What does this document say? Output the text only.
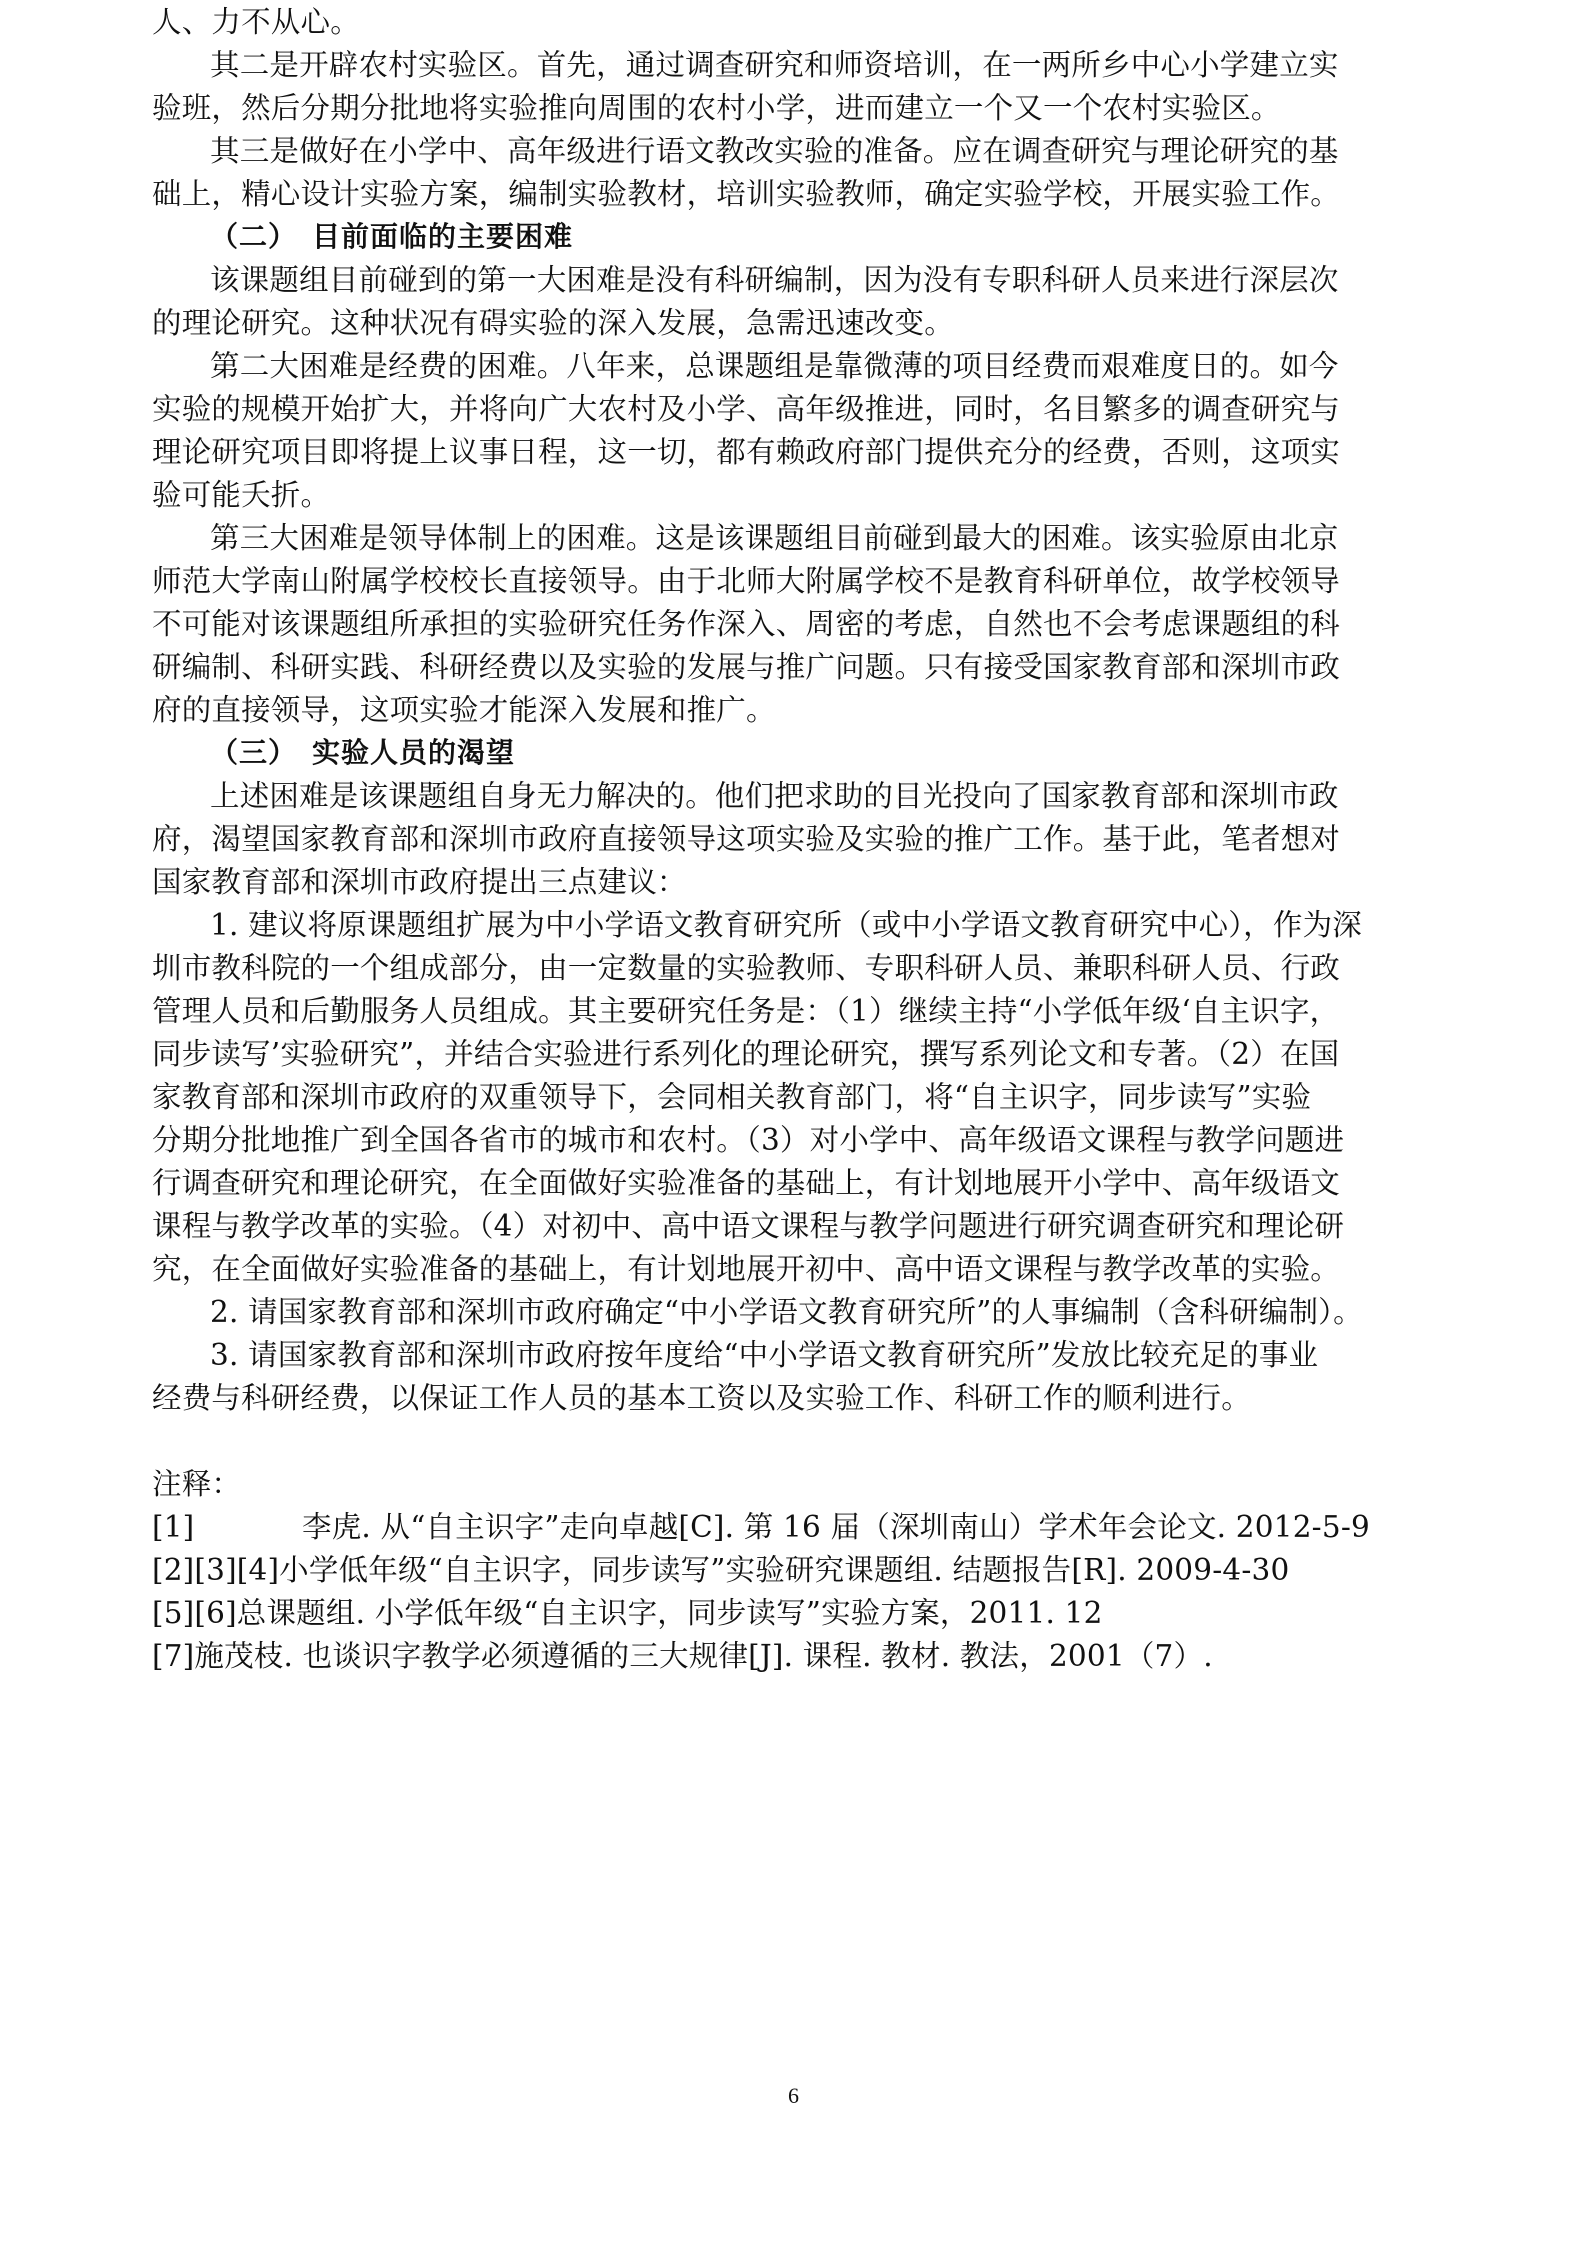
人、力不从心。
其二是开辟农村实验区。首先，通过调查研究和师资培训，在一两所乡中心小学建立实
验班，然后分期分批地将实验推向周围的农村小学，进而建立一个又一个农村实验区。
其三是做好在小学中、高年级进行语文教改实验的准备。应在调查研究与理论研究的基
础上，精心设计实验方案，编制实验教材，培训实验教师，确定实验学校，开展实验工作。
（二）　目前面临的主要困难
该课题组目前碰到的第一大困难是没有科研编制，因为没有专职科研人员来进行深层次
的理论研究。这种状况有碍实验的深入发展，急需迅速改变。
第二大困难是经费的困难。八年来，总课题组是靠微薄的项目经费而艰难度日的。如今
实验的规模开始扩大，并将向广大农村及小学、高年级推进，同时，名目繁多的调查研究与
理论研究项目即将提上议事日程，这一切，都有赖政府部门提供充分的经费，否则，这项实
验可能夭折。
第三大困难是领导体制上的困难。这是该课题组目前碰到最大的困难。该实验原由北京
师范大学南山附属学校校长直接领导。由于北师大附属学校不是教育科研单位，故学校领导
不可能对该课题组所承担的实验研究任务作深入、周密的考虑，自然也不会考虑课题组的科
研编制、科研实践、科研经费以及实验的发展与推广问题。只有接受国家教育部和深圳市政
府的直接领导，这项实验才能深入发展和推广。
（三）　实验人员的渴望
上述困难是该课题组自身无力解决的。他们把求助的目光投向了国家教育部和深圳市政
府，渴望国家教育部和深圳市政府直接领导这项实验及实验的推广工作。基于此，笔者想对
国家教育部和深圳市政府提出三点建议：
1. 建议将原课题组扩展为中小学语文教育研究所（或中小学语文教育研究中心），作为深
圳市教科院的一个组成部分，由一定数量的实验教师、专职科研人员、兼职科研人员、行政
管理人员和后勤服务人员组成。其主要研究任务是：（1）继续主持“小学低年级‘自主识字，
同步读写’实验研究”，并结合实验进行系列化的理论研究，撰写系列论文和专著。（2）在国
家教育部和深圳市政府的双重领导下，会同相关教育部门，将“自主识字，同步读写”实验
分期分批地推广到全国各省市的城市和农村。（3）对小学中、高年级语文课程与教学问题进
行调查研究和理论研究，在全面做好实验准备的基础上，有计划地展开小学中、高年级语文
课程与教学改革的实验。（4）对初中、高中语文课程与教学问题进行研究调查研究和理论研
究，在全面做好实验准备的基础上，有计划地展开初中、高中语文课程与教学改革的实验。
2. 请国家教育部和深圳市政府确定“中小学语文教育研究所”的人事编制（含科研编制）。
3. 请国家教育部和深圳市政府按年度给“中小学语文教育研究所”发放比较充足的事业
经费与科研经费，以保证工作人员的基本工资以及实验工作、科研工作的顺利进行。
注释：
[1]	李虎. 从“自主识字”走向卓越[C]. 第 16 届（深圳南山）学术年会论文. 2012-5-9
[2][3][4]小学低年级“自主识字，同步读写”实验研究课题组. 结题报告[R]. 2009-4-30
[5][6]总课题组. 小学低年级“自主识字，同步读写”实验方案，2011. 12
[7]施茂枝. 也谈识字教学必须遵循的三大规律[J]. 课程. 教材. 教法，2001（7）.
6
